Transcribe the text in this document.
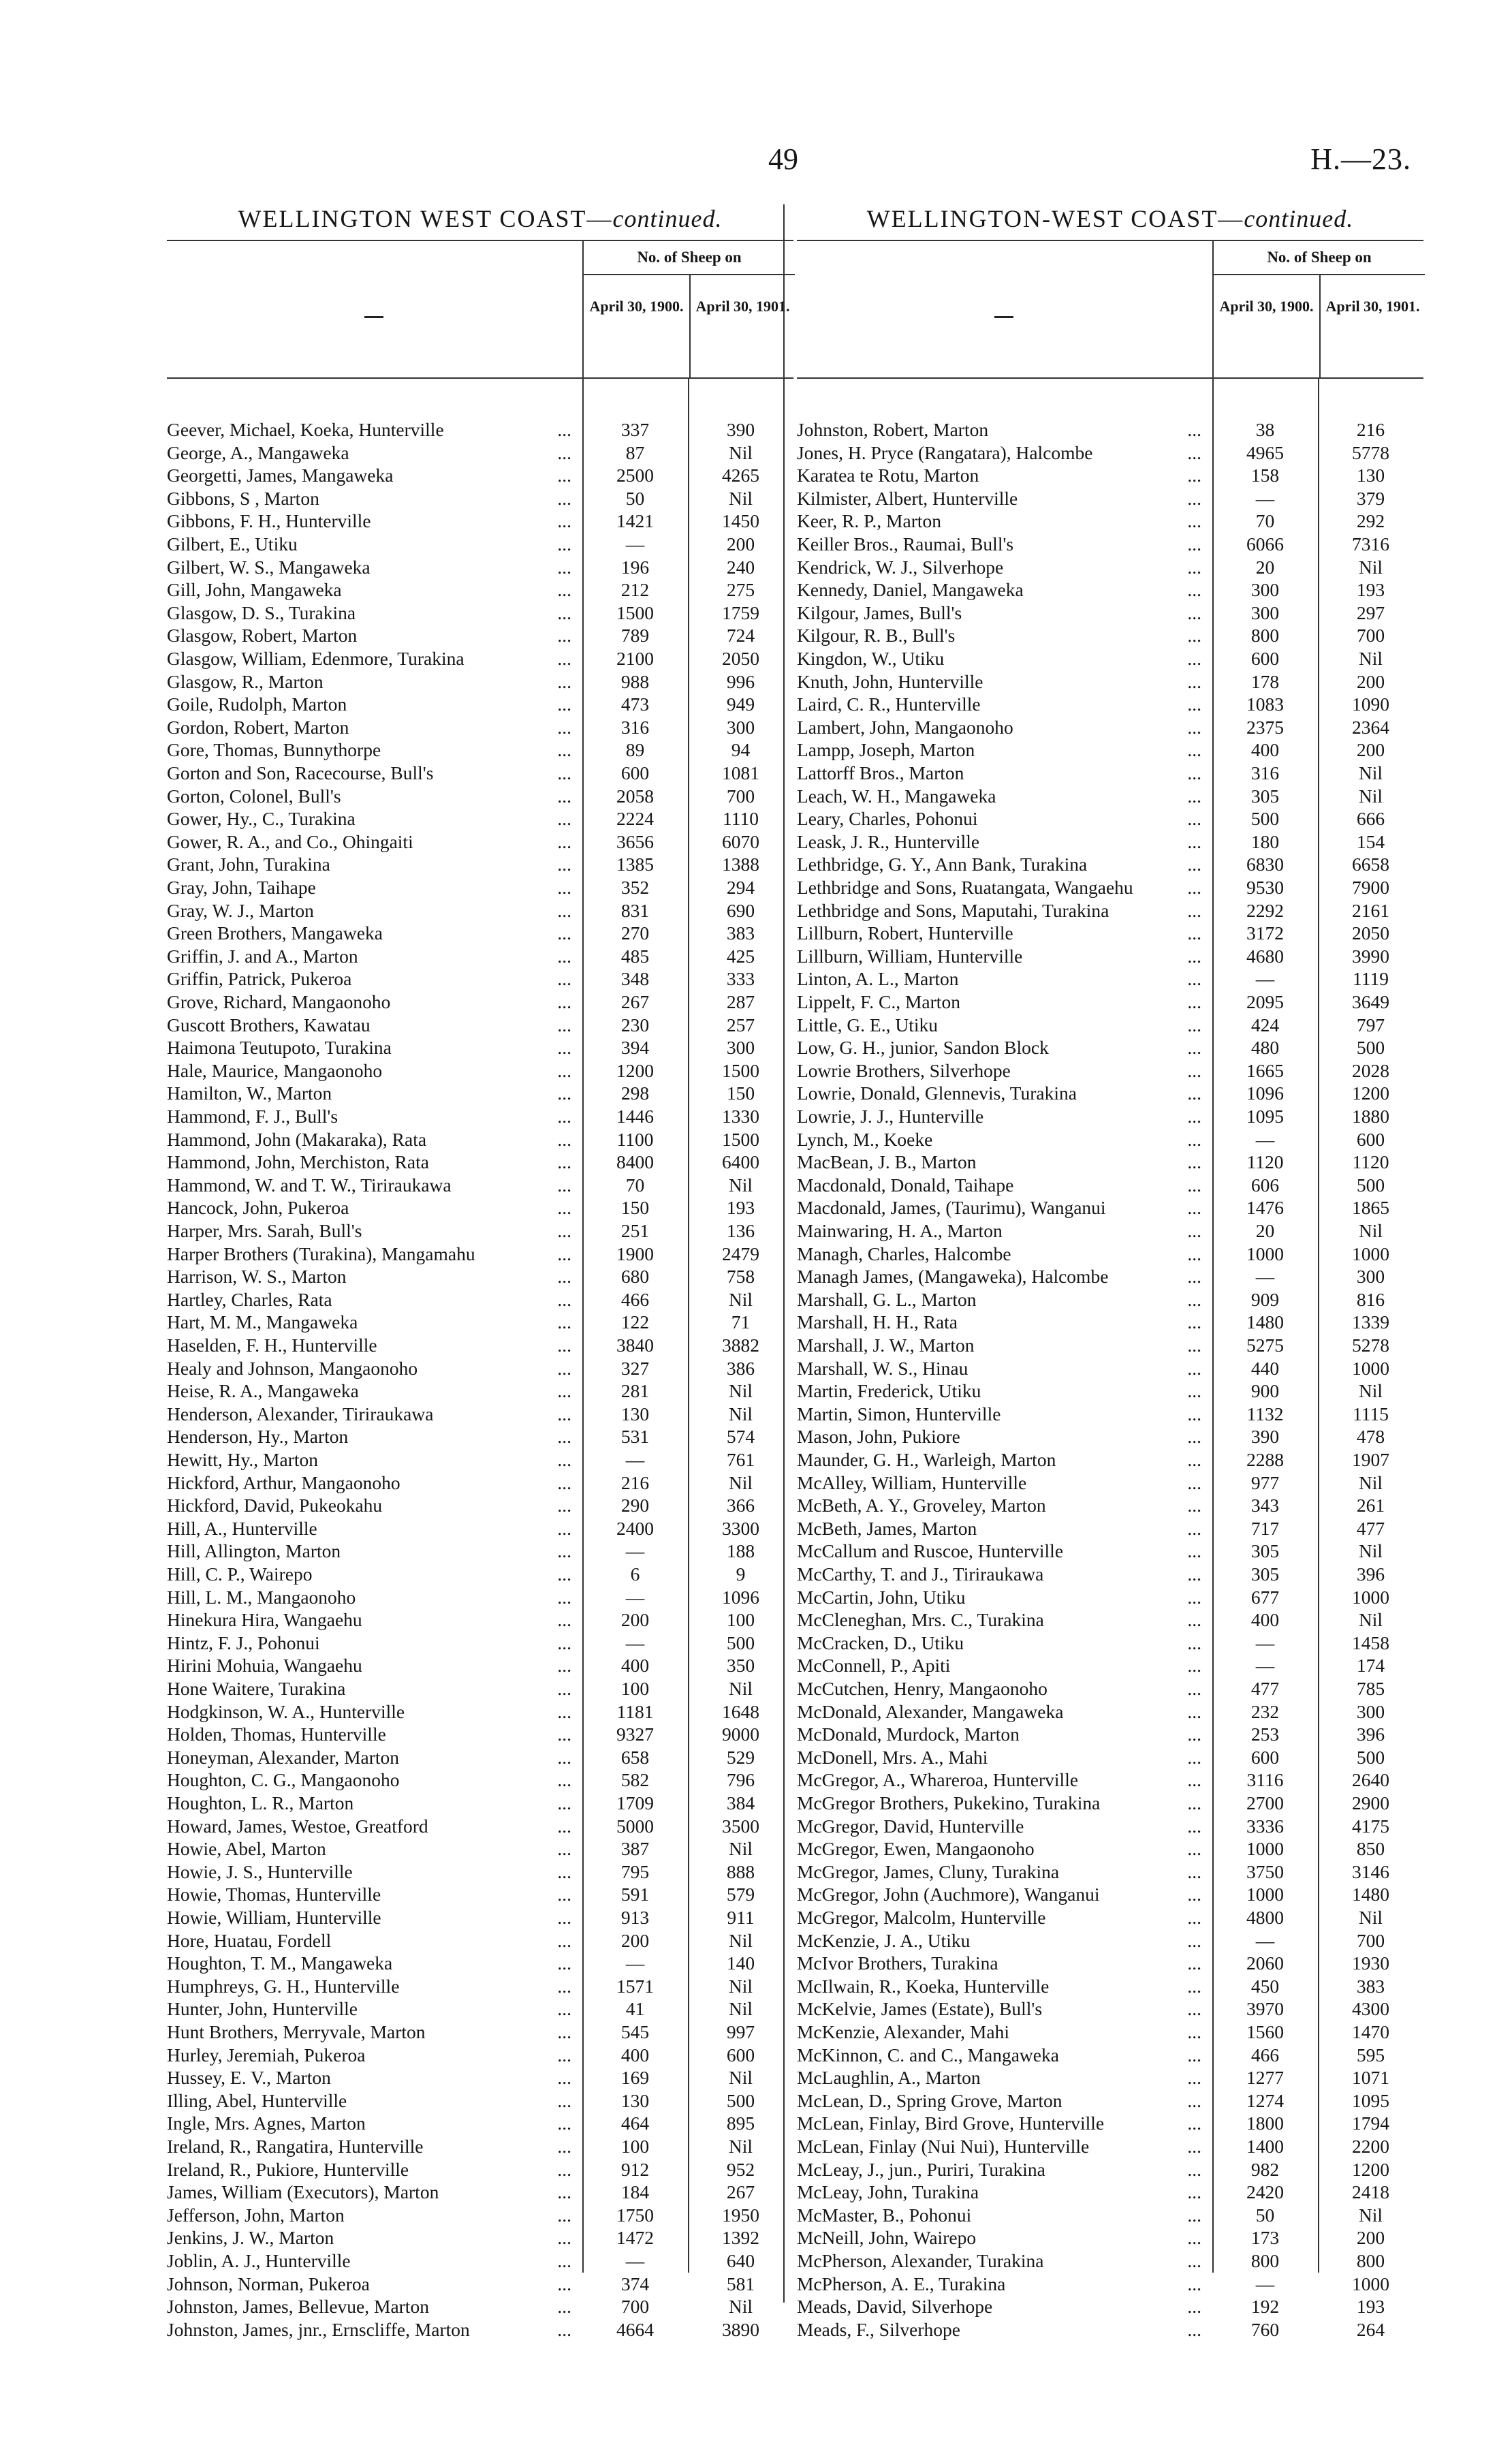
49	H.—23.
WELLINGTON WEST COAST—continued.
No. of Sheep on
April 30, 1900. April 30, 1901.
Geever, Michael, Koeka, Hunterville ...	337	390
George, A., Mangaweka ...	87	Nil
Georgetti, James, Mangaweka ...	2500	4265
Gibbons, S , Marton ...	50	Nil
Gibbons, F. H., Hunterville ...	1421	1450
Gilbert, E., Utiku ...	—	200
Gilbert, W. S., Mangaweka ...	196	240
Gill, John, Mangaweka ...	212	275
Glasgow, D. S., Turakina ...	1500	1759
Glasgow, Robert, Marton ...	789	724
Glasgow, William, Edenmore, Turakina ...	2100	2050
Glasgow, R., Marton ...	988	996
Goile, Rudolph, Marton ...	473	949
Gordon, Robert, Marton ...	316	300
Gore, Thomas, Bunnythorpe ...	89	94
Gorton and Son, Racecourse, Bull's ...	600	1081
Gorton, Colonel, Bull's ...	2058	700
Gower, Hy., C., Turakina ...	2224	1110
Gower, R. A., and Co., Ohingaiti ...	3656	6070
Grant, John, Turakina ...	1385	1388
Gray, John, Taihape ...	352	294
Gray, W. J., Marton ...	831	690
Green Brothers, Mangaweka ...	270	383
Griffin, J. and A., Marton ...	485	425
Griffin, Patrick, Pukeroa ...	348	333
Grove, Richard, Mangaonoho ...	267	287
Guscott Brothers, Kawatau ...	230	257
Haimona Teutupoto, Turakina ...	394	300
Hale, Maurice, Mangaonoho ...	1200	1500
Hamilton, W., Marton ...	298	150
Hammond, F. J., Bull's ...	1446	1330
Hammond, John (Makaraka), Rata ...	1100	1500
Hammond, John, Merchiston, Rata ...	8400	6400
Hammond, W. and T. W., Tiriraukawa ...	70	Nil
Hancock, John, Pukeroa ...	150	193
Harper, Mrs. Sarah, Bull's ...	251	136
Harper Brothers (Turakina), Mangamahu ...	1900	2479
Harrison, W. S., Marton ...	680	758
Hartley, Charles, Rata ...	466	Nil
Hart, M. M., Mangaweka ...	122	71
Haselden, F. H., Hunterville ...	3840	3882
Healy and Johnson, Mangaonoho ...	327	386
Heise, R. A., Mangaweka ...	281	Nil
Henderson, Alexander, Tiriraukawa ...	130	Nil
Henderson, Hy., Marton ...	531	574
Hewitt, Hy., Marton ...	—	761
Hickford, Arthur, Mangaonoho ...	216	Nil
Hickford, David, Pukeokahu ...	290	366
Hill, A., Hunterville ...	2400	3300
Hill, Allington, Marton ...	—	188
Hill, C. P., Wairepo ...	6	9
Hill, L. M., Mangaonoho ...	—	1096
Hinekura Hira, Wangaehu ...	200	100
Hintz, F. J., Pohonui ...	—	500
Hirini Mohuia, Wangaehu ...	400	350
Hone Waitere, Turakina ...	100	Nil
Hodgkinson, W. A., Hunterville ...	1181	1648
Holden, Thomas, Hunterville ...	9327	9000
Honeyman, Alexander, Marton ...	658	529
Houghton, C. G., Mangaonoho ...	582	796
Houghton, L. R., Marton ...	1709	384
Howard, James, Westoe, Greatford ...	5000	3500
Howie, Abel, Marton ...	387	Nil
Howie, J. S., Hunterville ...	795	888
Howie, Thomas, Hunterville ...	591	579
Howie, William, Hunterville ...	913	911
Hore, Huatau, Fordell ...	200	Nil
Houghton, T. M., Mangaweka ...	—	140
Humphreys, G. H., Hunterville ...	1571	Nil
Hunter, John, Hunterville ...	41	Nil
Hunt Brothers, Merryvale, Marton ...	545	997
Hurley, Jeremiah, Pukeroa ...	400	600
Hussey, E. V., Marton ...	169	Nil
Illing, Abel, Hunterville ...	130	500
Ingle, Mrs. Agnes, Marton ...	464	895
Ireland, R., Rangatira, Hunterville ...	100	Nil
Ireland, R., Pukiore, Hunterville ...	912	952
James, William (Executors), Marton ...	184	267
Jefferson, John, Marton ...	1750	1950
Jenkins, J. W., Marton ...	1472	1392
Joblin, A. J., Hunterville ...	—	640
Johnson, Norman, Pukeroa ...	374	581
Johnston, James, Bellevue, Marton ...	700	Nil
Johnston, James, jnr., Ernscliffe, Marton ...	4664	3890
WELLINGTON-WEST COAST—continued.
No. of Sheep on
April 30, 1900. April 30, 1901.
Johnston, Robert, Marton ...	38	216
Jones, H. Pryce (Rangatara), Halcombe ...	4965	5778
Karatea te Rotu, Marton ...	158	130
Kilmister, Albert, Hunterville ...	—	379
Keer, R. P., Marton ...	70	292
Keiller Bros., Raumai, Bull's ...	6066	7316
Kendrick, W. J., Silverhope ...	20	Nil
Kennedy, Daniel, Mangaweka ...	300	193
Kilgour, James, Bull's ...	300	297
Kilgour, R. B., Bull's ...	800	700
Kingdon, W., Utiku ...	600	Nil
Knuth, John, Hunterville ...	178	200
Laird, C. R., Hunterville ...	1083	1090
Lambert, John, Mangaonoho ...	2375	2364
Lampp, Joseph, Marton ...	400	200
Lattorff Bros., Marton ...	316	Nil
Leach, W. H., Mangaweka ...	305	Nil
Leary, Charles, Pohonui ...	500	666
Leask, J. R., Hunterville ...	180	154
Lethbridge, G. Y., Ann Bank, Turakina ...	6830	6658
Lethbridge and Sons, Ruatangata, Wangaehu ...	9530	7900
Lethbridge and Sons, Maputahi, Turakina ...	2292	2161
Lillburn, Robert, Hunterville ...	3172	2050
Lillburn, William, Hunterville ...	4680	3990
Linton, A. L., Marton ...	—	1119
Lippelt, F. C., Marton ...	2095	3649
Little, G. E., Utiku ...	424	797
Low, G. H., junior, Sandon Block ...	480	500
Lowrie Brothers, Silverhope ...	1665	2028
Lowrie, Donald, Glennevis, Turakina ...	1096	1200
Lowrie, J. J., Hunterville ...	1095	1880
Lynch, M., Koeke ...	—	600
MacBean, J. B., Marton ...	1120	1120
Macdonald, Donald, Taihape ...	606	500
Macdonald, James, (Taurimu), Wanganui ...	1476	1865
Mainwaring, H. A., Marton ...	20	Nil
Managh, Charles, Halcombe ...	1000	1000
Managh James, (Mangaweka), Halcombe ...	—	300
Marshall, G. L., Marton ...	909	816
Marshall, H. H., Rata ...	1480	1339
Marshall, J. W., Marton ...	5275	5278
Marshall, W. S., Hinau ...	440	1000
Martin, Frederick, Utiku ...	900	Nil
Martin, Simon, Hunterville ...	1132	1115
Mason, John, Pukiore ...	390	478
Maunder, G. H., Warleigh, Marton ...	2288	1907
McAlley, William, Hunterville ...	977	Nil
McBeth, A. Y., Groveley, Marton ...	343	261
McBeth, James, Marton ...	717	477
McCallum and Ruscoe, Hunterville ...	305	Nil
McCarthy, T. and J., Tiriraukawa ...	305	396
McCartin, John, Utiku ...	677	1000
McCleneghan, Mrs. C., Turakina ...	400	Nil
McCracken, D., Utiku ...	—	1458
McConnell, P., Apiti ...	—	174
McCutchen, Henry, Mangaonoho ...	477	785
McDonald, Alexander, Mangaweka ...	232	300
McDonald, Murdock, Marton ...	253	396
McDonell, Mrs. A., Mahi ...	600	500
McGregor, A., Whareroa, Hunterville ...	3116	2640
McGregor Brothers, Pukekino, Turakina ...	2700	2900
McGregor, David, Hunterville ...	3336	4175
McGregor, Ewen, Mangaonoho ...	1000	850
McGregor, James, Cluny, Turakina ...	3750	3146
McGregor, John (Auchmore), Wanganui ...	1000	1480
McGregor, Malcolm, Hunterville ...	4800	Nil
McKenzie, J. A., Utiku ...	—	700
McIvor Brothers, Turakina ...	2060	1930
McIlwain, R., Koeka, Hunterville ...	450	383
McKelvie, James (Estate), Bull's ...	3970	4300
McKenzie, Alexander, Mahi ...	1560	1470
McKinnon, C. and C., Mangaweka ...	466	595
McLaughlin, A., Marton ...	1277	1071
McLean, D., Spring Grove, Marton ...	1274	1095
McLean, Finlay, Bird Grove, Hunterville ...	1800	1794
McLean, Finlay (Nui Nui), Hunterville ...	1400	2200
McLeay, J., jun., Puriri, Turakina ...	982	1200
McLeay, John, Turakina ...	2420	2418
McMaster, B., Pohonui ...	50	Nil
McNeill, John, Wairepo ...	173	200
McPherson, Alexander, Turakina ...	800	800
McPherson, A. E., Turakina ...	—	1000
Meads, David, Silverhope ...	192	193
Meads, F., Silverhope ...	760	264
